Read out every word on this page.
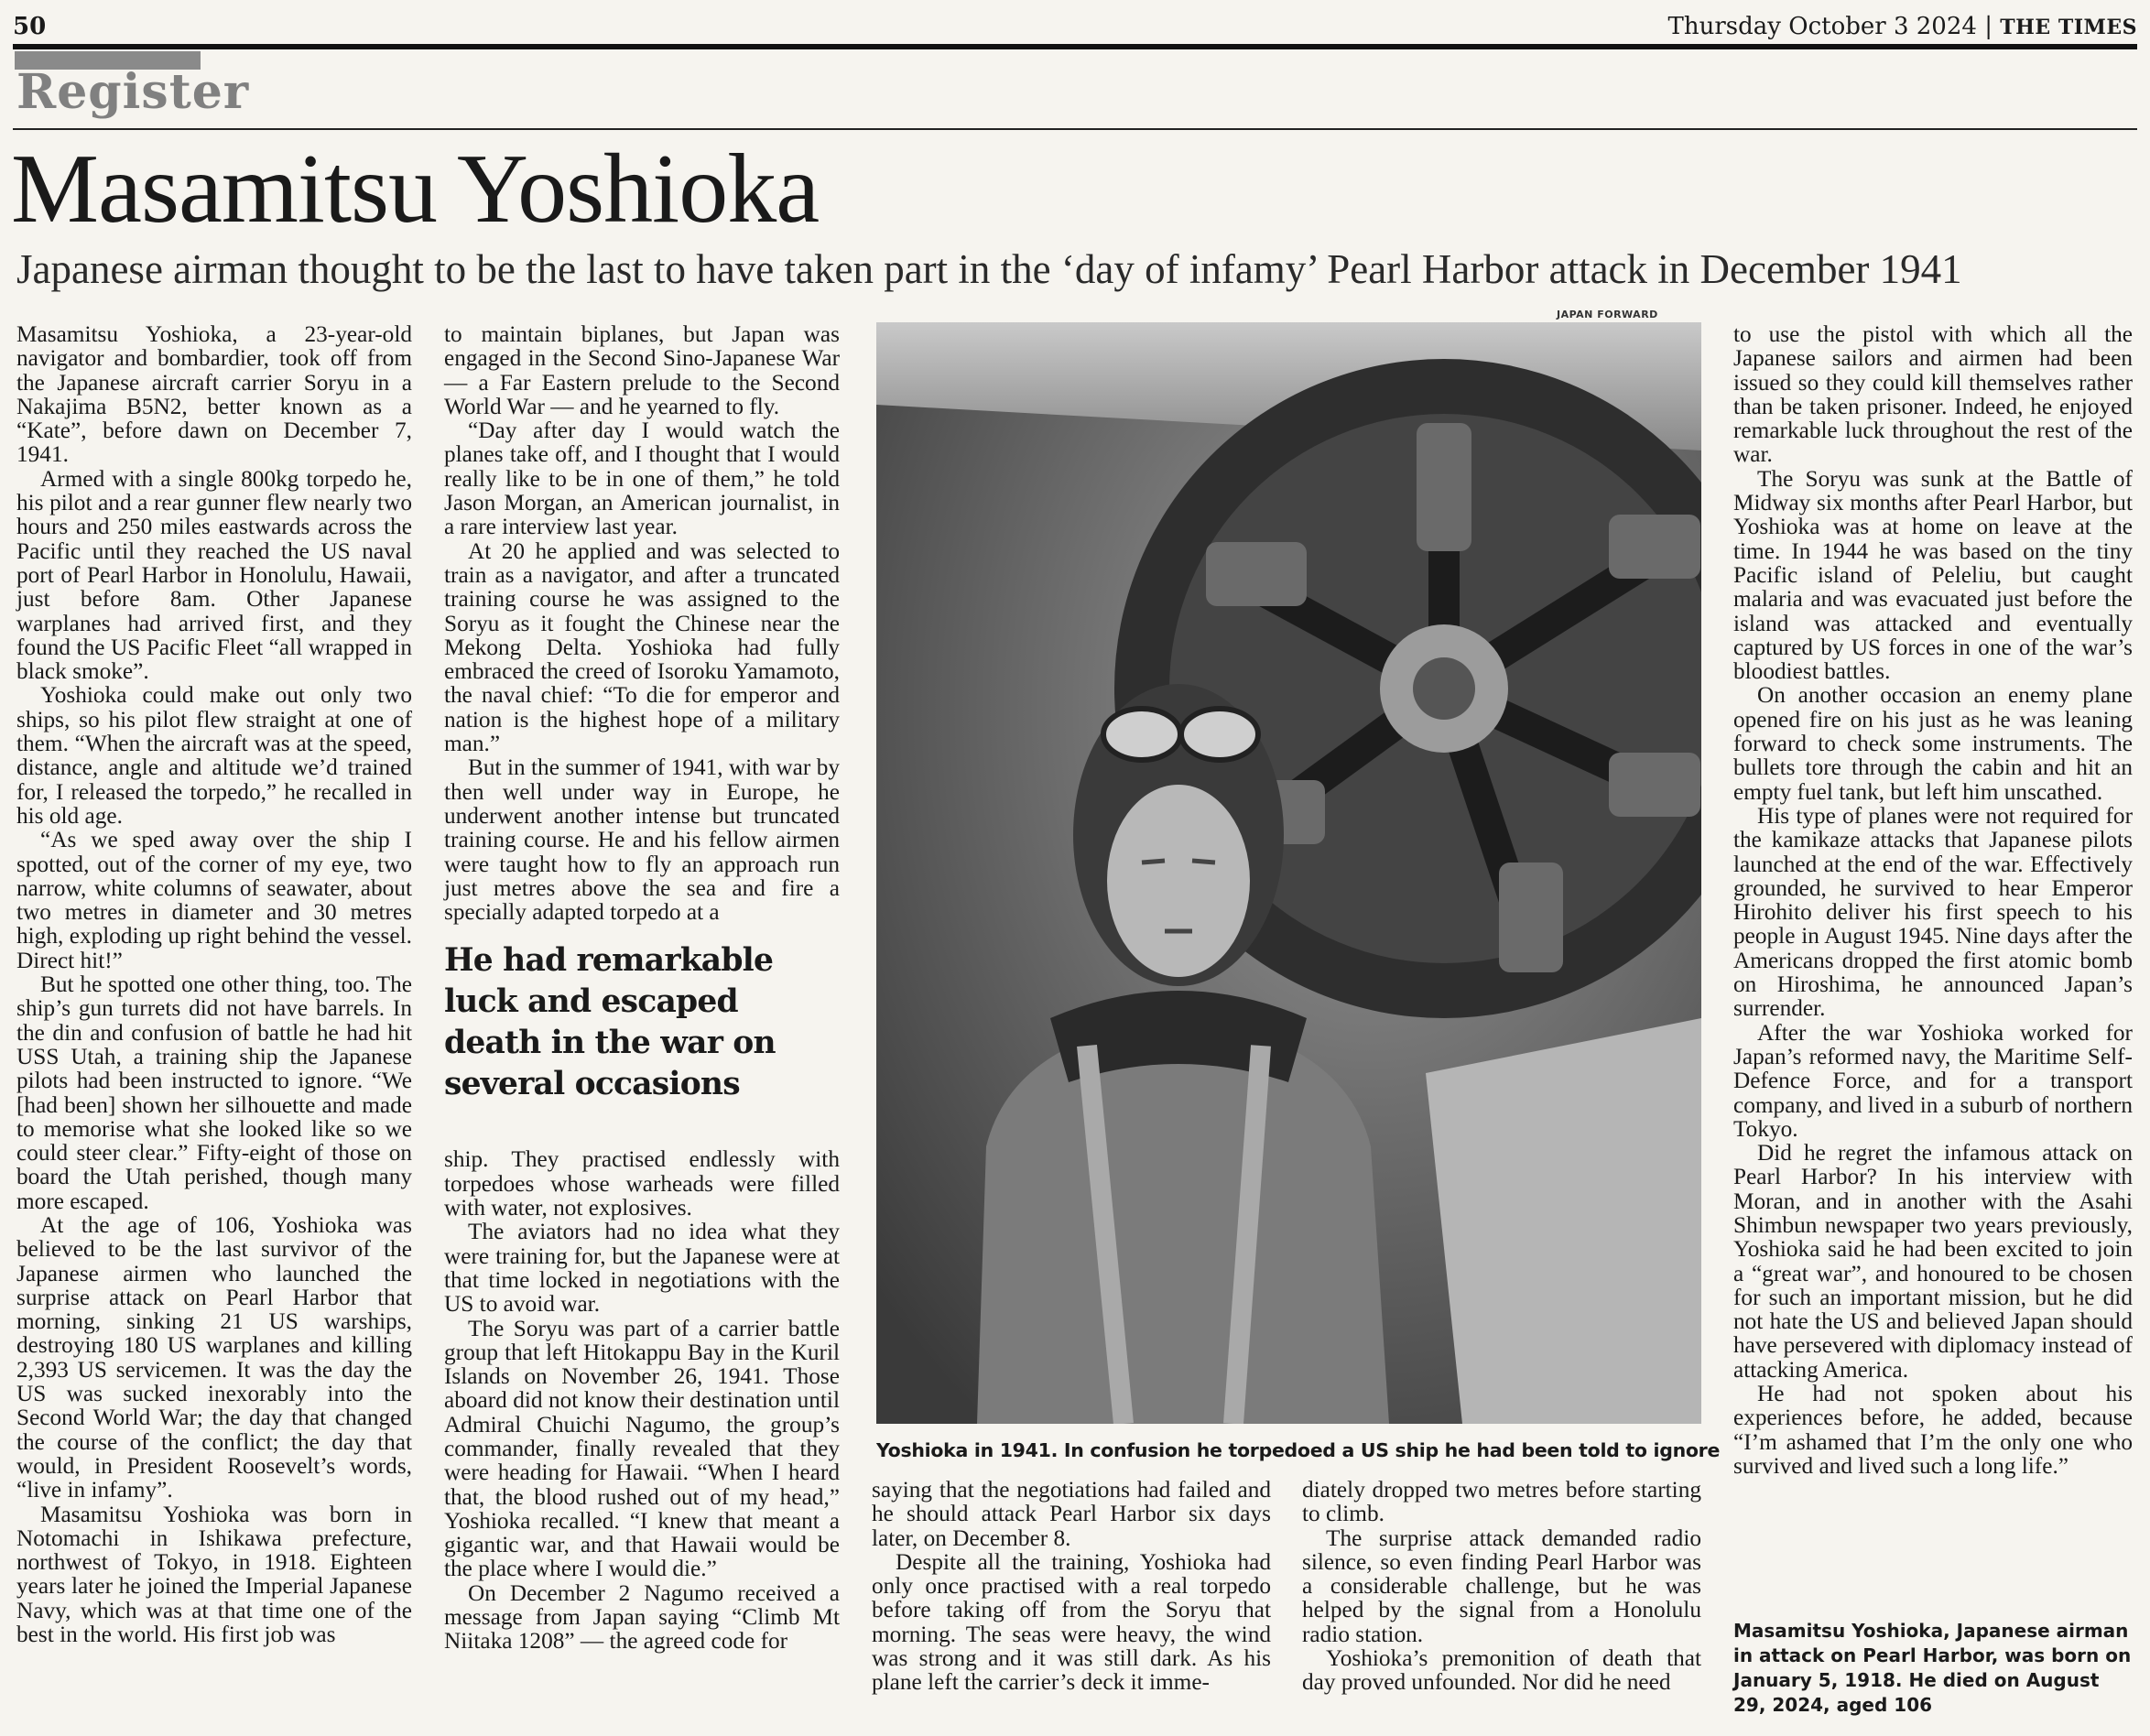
50	Thursday October 3 2024 | THE TIMES
Register
Masamitsu Yoshioka

Japanese airman thought to be the last to have taken part in the ‘day of infamy’ Pearl Harbor attack in December 1941

Masamitsu Yoshioka, a 23-year-old navigator and bombardier, took off from the Japanese aircraft carrier Soryu in a Nakajima B5N2, better known as a “Kate”, before dawn on December 7, 1941.

Armed with a single 800kg torpedo he, his pilot and a rear gunner flew nearly two hours and 250 miles eastwards across the Pacific until they reached the US naval port of Pearl Harbor in Honolulu, Hawaii, just before 8am. Other Japanese warplanes had arrived first, and they found the US Pacific Fleet “all wrapped in black smoke”.

Yoshioka could make out only two ships, so his pilot flew straight at one of them. “When the aircraft was at the speed, distance, angle and altitude we’d trained for, I released the torpedo,” he recalled in his old age.

“As we sped away over the ship I spotted, out of the corner of my eye, two narrow, white columns of seawater, about two metres in diameter and 30 metres high, exploding up right behind the vessel. Direct hit!”

But he spotted one other thing, too. The ship’s gun turrets did not have barrels. In the din and confusion of battle he had hit USS Utah, a training ship the Japanese pilots had been instructed to ignore. “We [had been] shown her silhouette and made to memorise what she looked like so we could steer clear.” Fifty-eight of those on board the Utah perished, though many more escaped.

At the age of 106, Yoshioka was believed to be the last survivor of the Japanese airmen who launched the surprise attack on Pearl Harbor that morning, sinking 21 US warships, destroying 180 US warplanes and killing 2,393 US servicemen. It was the day the US was sucked inexorably into the Second World War; the day that changed the course of the conflict; the day that would, in President Roosevelt’s words, “live in infamy”.

Masamitsu Yoshioka was born in Notomachi in Ishikawa prefecture, northwest of Tokyo, in 1918. Eighteen years later he joined the Imperial Japanese Navy, which was at that time one of the best in the world. His first job was

to maintain biplanes, but Japan was engaged in the Second Sino-Japanese War — a Far Eastern prelude to the Second World War — and he yearned to fly.

“Day after day I would watch the planes take off, and I thought that I would really like to be in one of them,” he told Jason Morgan, an American journalist, in a rare interview last year.

At 20 he applied and was selected to train as a navigator, and after a truncated training course he was assigned to the Soryu as it fought the Chinese near the Mekong Delta. Yoshioka had fully embraced the creed of Isoroku Yamamoto, the naval chief: “To die for emperor and nation is the highest hope of a military man.”

But in the summer of 1941, with war by then well under way in Europe, he underwent another intense but truncated training course. He and his fellow airmen were taught how to fly an approach run just metres above the sea and fire a specially adapted torpedo at a

He had remarkable luck and escaped death in the war on several occasions

ship. They practised endlessly with torpedoes whose warheads were filled with water, not explosives.

The aviators had no idea what they were training for, but the Japanese were at that time locked in negotiations with the US to avoid war.

The Soryu was part of a carrier battle group that left Hitokappu Bay in the Kuril Islands on November 26, 1941. Those aboard did not know their destination until Admiral Chuichi Nagumo, the group’s commander, finally revealed that they were heading for Hawaii. “When I heard that, the blood rushed out of my head,” Yoshioka recalled. “I knew that meant a gigantic war, and that Hawaii would be the place where I would die.”

On December 2 Nagumo received a message from Japan saying “Climb Mt Niitaka 1208” — the agreed code for

JAPAN FORWARD
Yoshioka in 1941. In confusion he torpedoed a US ship he had been told to ignore

saying that the negotiations had failed and he should attack Pearl Harbor six days later, on December 8.

Despite all the training, Yoshioka had only once practised with a real torpedo before taking off from the Soryu that morning. The seas were heavy, the wind was strong and it was still dark. As his plane left the carrier’s deck it imme-

diately dropped two metres before starting to climb.

The surprise attack demanded radio silence, so even finding Pearl Harbor was a considerable challenge, but he was helped by the signal from a Honolulu radio station.

Yoshioka’s premonition of death that day proved unfounded. Nor did he need

to use the pistol with which all the Japanese sailors and airmen had been issued so they could kill themselves rather than be taken prisoner. Indeed, he enjoyed remarkable luck throughout the rest of the war.

The Soryu was sunk at the Battle of Midway six months after Pearl Harbor, but Yoshioka was at home on leave at the time. In 1944 he was based on the tiny Pacific island of Peleliu, but caught malaria and was evacuated just before the island was attacked and eventually captured by US forces in one of the war’s bloodiest battles.

On another occasion an enemy plane opened fire on his just as he was leaning forward to check some instruments. The bullets tore through the cabin and hit an empty fuel tank, but left him unscathed.

His type of planes were not required for the kamikaze attacks that Japanese pilots launched at the end of the war. Effectively grounded, he survived to hear Emperor Hirohito deliver his first speech to his people in August 1945. Nine days after the Americans dropped the first atomic bomb on Hiroshima, he announced Japan’s surrender.

After the war Yoshioka worked for Japan’s reformed navy, the Maritime Self-Defence Force, and for a transport company, and lived in a suburb of northern Tokyo.

Did he regret the infamous attack on Pearl Harbor? In his interview with Moran, and in another with the Asahi Shimbun newspaper two years previously, Yoshioka said he had been excited to join a “great war”, and honoured to be chosen for such an important mission, but he did not hate the US and believed Japan should have persevered with diplomacy instead of attacking America.

He had not spoken about his experiences before, he added, because “I’m ashamed that I’m the only one who survived and lived such a long life.”

Masamitsu Yoshioka, Japanese airman in attack on Pearl Harbor, was born on January 5, 1918. He died on August 29, 2024, aged 106
